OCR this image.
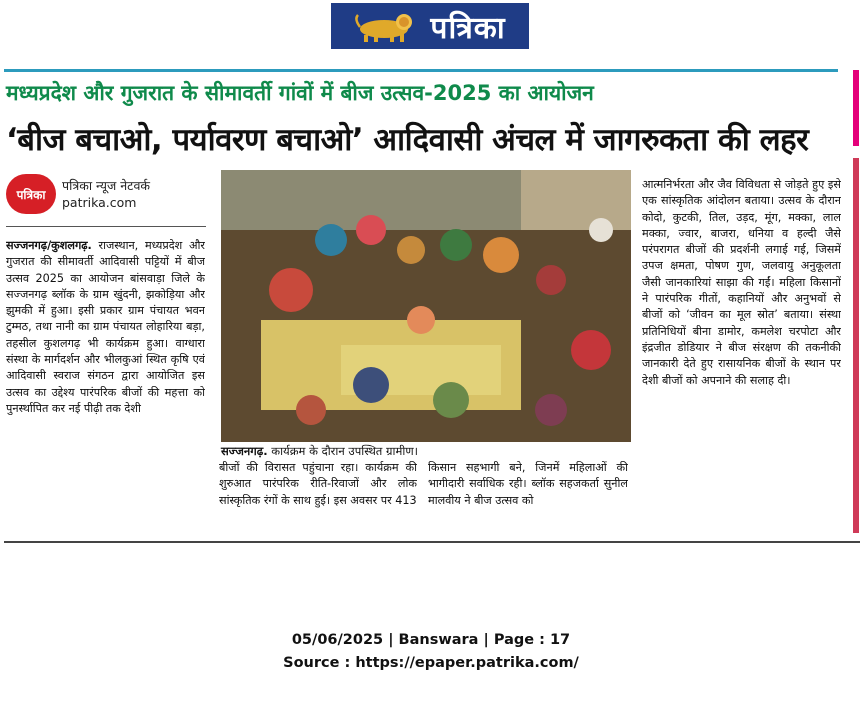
पत्रिका
मध्यप्रदेश और गुजरात के सीमावर्ती गांवों में बीज उत्सव-2025 का आयोजन
‘बीज बचाओ, पर्यावरण बचाओ’ आदिवासी अंचल में जागरुकता की लहर
पत्रिका
पत्रिका न्यूज नेटवर्क
patrika.com
सज्जनगढ़/कुशलगढ़. राजस्थान, मध्यप्रदेश और गुजरात की सीमावर्ती आदिवासी पट्टियों में बीज उत्सव 2025 का आयोजन बांसवाड़ा जिले के सज्जनगढ़ ब्लॉक के ग्राम खुंदनी, झकोड़िया और झुमकी में हुआ। इसी प्रकार ग्राम पंचायत भवन टुम्मठ, तथा नानी का ग्राम पंचायत लोहारिया बड़ा, तहसील कुशलगढ़ भी कार्यक्रम हुआ। वाग्धारा संस्था के मार्गदर्शन और भीलकुआं स्थित कृषि एवं आदिवासी स्वराज संगठन द्वारा आयोजित इस उत्सव का उद्देश्य पारंपरिक बीजों की महत्ता को पुनर्स्थापित कर नई पीढ़ी तक देशी
सज्जनगढ़. कार्यक्रम के दौरान उपस्थित ग्रामीण।
बीजों की विरासत पहुंचाना रहा। कार्यक्रम की शुरुआत पारंपरिक रीति-रिवाजों और लोक सांस्कृतिक रंगों के साथ हुई। इस अवसर पर 413
किसान सहभागी बने, जिनमें महिलाओं की भागीदारी सर्वाधिक रही। ब्लॉक सहजकर्ता सुनील मालवीय ने बीज उत्सव को
आत्मनिर्भरता और जैव विविधता से जोड़ते हुए इसे एक सांस्कृतिक आंदोलन बताया। उत्सव के दौरान कोदो, कुटकी, तिल, उड़द, मूंग, मक्का, लाल मक्का, ज्वार, बाजरा, धनिया व हल्दी जैसे परंपरागत बीजों की प्रदर्शनी लगाई गई, जिसमें उपज क्षमता, पोषण गुण, जलवायु अनुकूलता जैसी जानकारियां साझा की गईं। महिला किसानों ने पारंपरिक गीतों, कहानियों और अनुभवों से बीजों को ‘जीवन का मूल स्रोत’ बताया। संस्था प्रतिनिधियों बीना डामोर, कमलेश चरपोटा और इंद्रजीत डोडियार ने बीज संरक्षण की तकनीकी जानकारी देते हुए रासायनिक बीजों के स्थान पर देशी बीजों को अपनाने की सलाह दी।
05/06/2025 | Banswara | Page : 17
Source : https://epaper.patrika.com/
